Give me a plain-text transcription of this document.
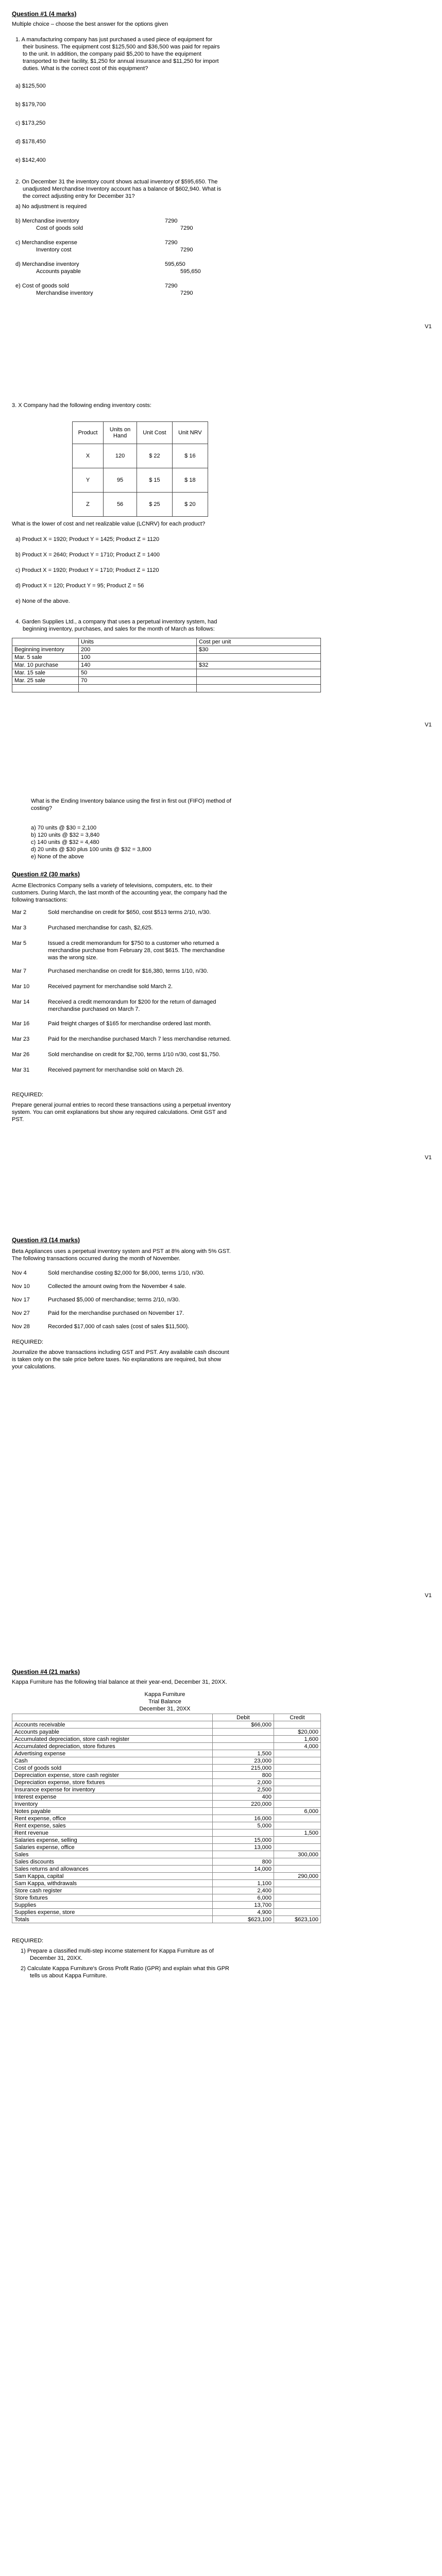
Question #1 (4 marks)
Multiple choice – choose the best answer for the options given
1. A manufacturing company has just purchased a used piece of equipment for
their business. The equipment cost $125,500 and $36,500 was paid for repairs
to the unit. In addition, the company paid $5,200 to have the equipment
transported to their facility, $1,250 for annual insurance and $11,250 for import
duties. What is the correct cost of this equipment?
a) $125,500
b) $179,700
c) $173,250
d) $178,450
e) $142,400
2. On December 31 the inventory count shows actual inventory of $595,650. The
unadjusted Merchandise Inventory account has a balance of $602,940. What is
the correct adjusting entry for December 31?
a) No adjustment is required
b) Merchandise inventory	7290
Cost of goods sold	7290
c) Merchandise expense	7290
Inventory cost	7290
d) Merchandise inventory	595,650
Accounts payable	595,650
e) Cost of goods sold	7290
Merchandise inventory	7290
V1
3. X Company had the following ending inventory costs:
Product	Units on Hand	Unit Cost	Unit NRV
X	120	$ 22	$ 16
Y	95	$ 15	$ 18
Z	56	$ 25	$ 20
What is the lower of cost and net realizable value (LCNRV) for each product?
a) Product X = 1920; Product Y = 1425; Product Z = 1120
b) Product X = 2640; Product Y = 1710; Product Z = 1400
c) Product X = 1920; Product Y = 1710; Product Z = 1120
d) Product X = 120; Product Y = 95; Product Z = 56
e) None of the above.
4. Garden Supplies Ltd., a company that uses a perpetual inventory system, had
beginning inventory, purchases, and sales for the month of March as follows:
	Units	Cost per unit
Beginning inventory	200	$30
Mar. 5 sale	100	
Mar. 10 purchase	140	$32
Mar. 15 sale	50	
Mar. 25 sale	70	

V1
What is the Ending Inventory balance using the first in first out (FIFO) method of
costing?
a) 70 units @ $30 = 2,100
b) 120 units @ $32 = 3,840
c) 140 units @ $32 = 4,480
d) 20 units @ $30 plus 100 units @ $32 = 3,800
e) None of the above
Question #2 (30 marks)
Acme Electronics Company sells a variety of televisions, computers, etc. to their
customers. During March, the last month of the accounting year, the company had the
following transactions:
Mar 2	Sold merchandise on credit for $650, cost $513 terms 2/10, n/30.
Mar 3	Purchased merchandise for cash, $2,625.
Mar 5	Issued a credit memorandum for $750 to a customer who returned a
merchandise purchase from February 28, cost $615. The merchandise
was the wrong size.
Mar 7	Purchased merchandise on credit for $16,380, terms 1/10, n/30.
Mar 10	Received payment for merchandise sold March 2.
Mar 14	Received a credit memorandum for $200 for the return of damaged
merchandise purchased on March 7.
Mar 16	Paid freight charges of $165 for merchandise ordered last month.
Mar 23	Paid for the merchandise purchased March 7 less merchandise returned.
Mar 26	Sold merchandise on credit for $2,700, terms 1/10 n/30, cost $1,750.
Mar 31	Received payment for merchandise sold on March 26.
REQUIRED:
Prepare general journal entries to record these transactions using a perpetual inventory
system. You can omit explanations but show any required calculations. Omit GST and
PST.
V1
Question #3 (14 marks)
Beta Appliances uses a perpetual inventory system and PST at 8% along with 5% GST.
The following transactions occurred during the month of November.
Nov 4	Sold merchandise costing $2,000 for $6,000, terms 1/10, n/30.
Nov 10	Collected the amount owing from the November 4 sale.
Nov 17	Purchased $5,000 of merchandise; terms 2/10, n/30.
Nov 27	Paid for the merchandise purchased on November 17.
Nov 28	Recorded $17,000 of cash sales (cost of sales $11,500).
REQUIRED:
Journalize the above transactions including GST and PST. Any available cash discount
is taken only on the sale price before taxes. No explanations are required, but show
your calculations.
V1
Question #4 (21 marks)
Kappa Furniture has the following trial balance at their year-end, December 31, 20XX.
Kappa Furniture
Trial Balance
December 31, 20XX
	Debit	Credit
Accounts receivable	$66,000	
Accounts payable		$20,000
Accumulated depreciation, store cash register		1,600
Accumulated depreciation, store fixtures		4,000
Advertising expense	1,500	
Cash	23,000	
Cost of goods sold	215,000	
Depreciation expense, store cash register	800	
Depreciation expense, store fixtures	2,000	
Insurance expense for inventory	2,500	
Interest expense	400	
Inventory	220,000	
Notes payable		6,000
Rent expense, office	16,000	
Rent expense, sales	5,000	
Rent revenue		1,500
Salaries expense, selling	15,000	
Salaries expense, office	13,000	
Sales		300,000
Sales discounts	800	
Sales returns and allowances	14,000	
Sam Kappa, capital		290,000
Sam Kappa, withdrawals	1,100	
Store cash register	2,400	
Store fixtures	6,000	
Supplies	13,700	
Supplies expense, store	4,900	
Totals	$623,100	$623,100
REQUIRED:
1) Prepare a classified multi-step income statement for Kappa Furniture as of
December 31, 20XX.
2) Calculate Kappa Furniture's Gross Profit Ratio (GPR) and explain what this GPR
tells us about Kappa Furniture.
